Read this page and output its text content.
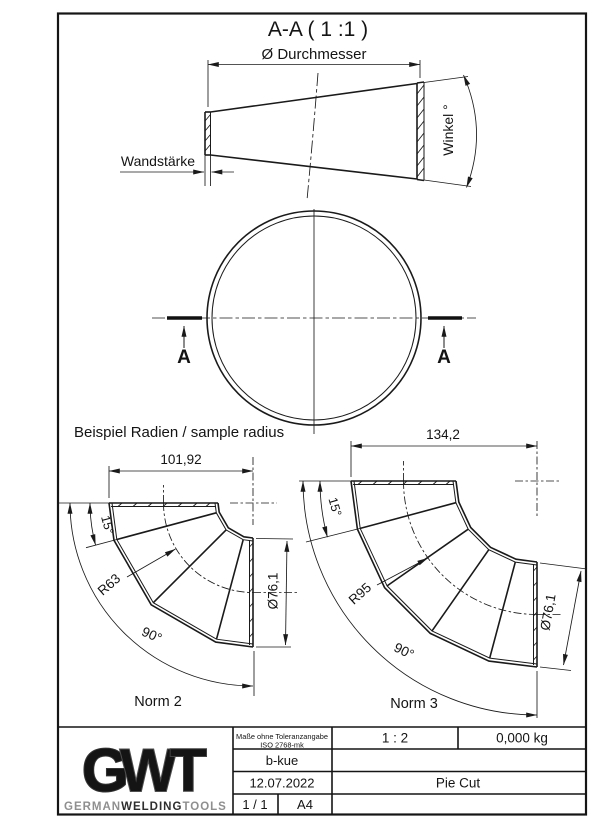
A-A ( 1 :1 )
Ø Durchmesser
Wandstärke
Winkel °
A	A
Beispiel Radien / sample radius
101,92
15°
R63
90°
Ø76,1
Norm 2
134,2
15°
R95
90°
Ø76,1
Norm 3
G
W
T
GERMANWELDINGTOOLS
Maße ohne Toleranzangabe
ISO 2768-mk
b-kue
12.07.2022
1 / 1 A4
1 : 2	0,000 kg
Pie Cut
